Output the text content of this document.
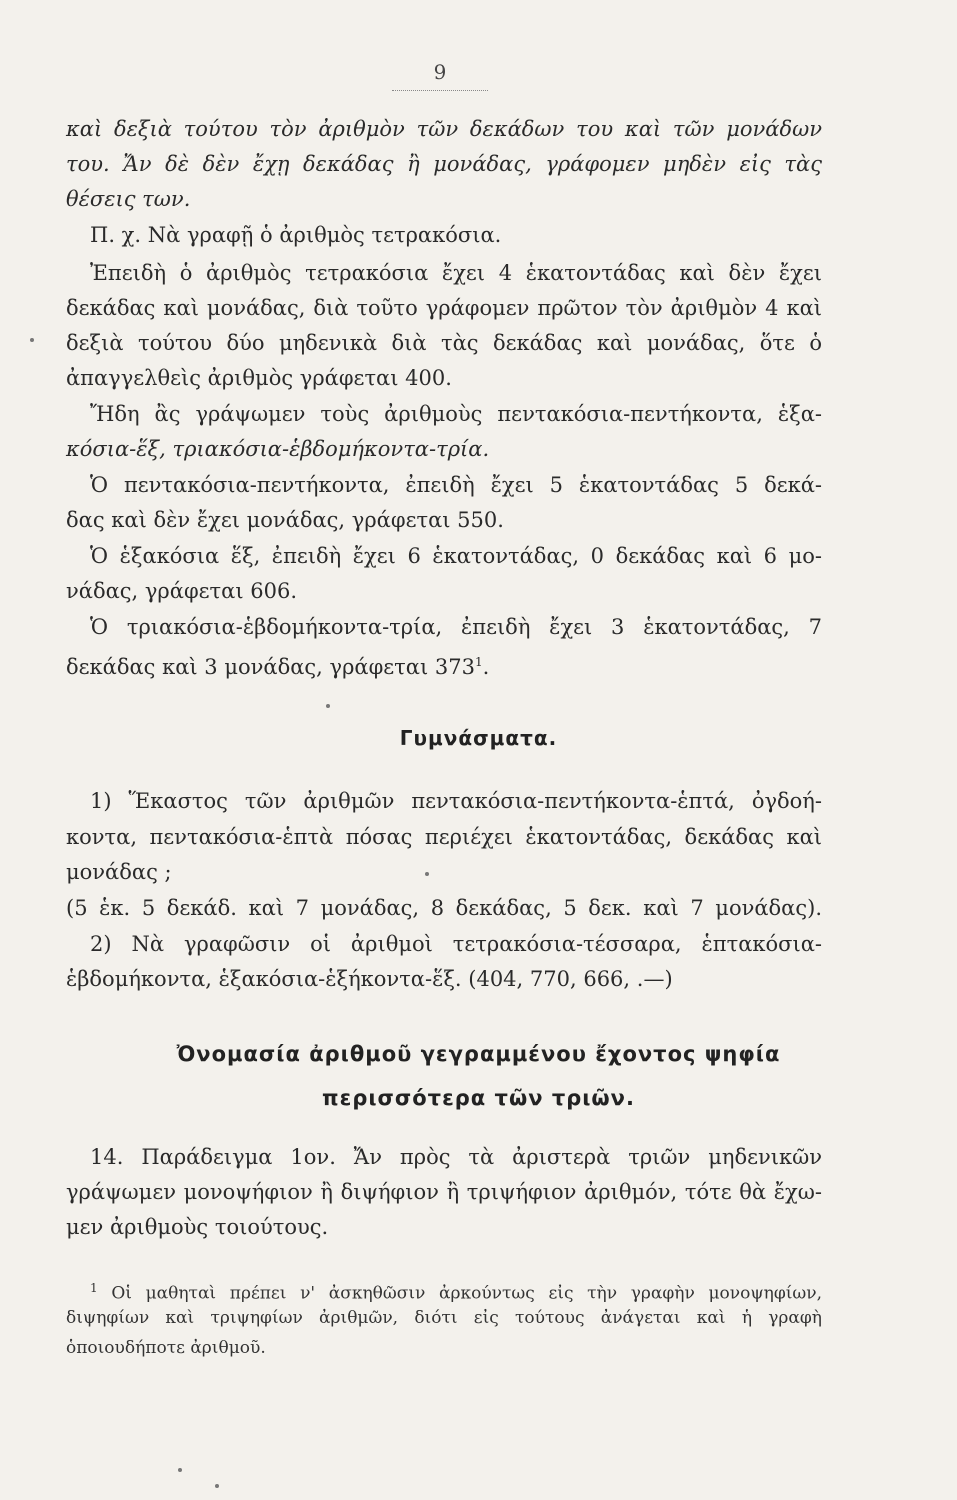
9
καὶ δεξιὰ τούτου τὸν ἀριθμὸν τῶν δεκάδων του καὶ τῶν μονάδων
του. Ἄν δὲ δὲν ἔχῃ δεκάδας ἢ μονάδας, γράφομεν μηδὲν εἰς τὰς
θέσεις των.
Π. χ. Νὰ γραφῇ ὁ ἀριθμὸς τετρακόσια.
Ἐπειδὴ ὁ ἀριθμὸς τετρακόσια ἔχει 4 ἑκατοντάδας καὶ δὲν ἔχει
δεκάδας καὶ μονάδας, διὰ τοῦτο γράφομεν πρῶτον τὸν ἀριθμὸν 4 καὶ
δεξιὰ τούτου δύο μηδενικὰ διὰ τὰς δεκάδας καὶ μονάδας, ὅτε ὁ
ἀπαγγελθεὶς ἀριθμὸς γράφεται 400.
Ἤδη ἂς γράψωμεν τοὺς ἀριθμοὺς πεντακόσια-πεντήκοντα, ἑξα-
κόσια-ἕξ, τριακόσια-ἑβδομήκοντα-τρία.
Ὁ πεντακόσια-πεντήκοντα, ἐπειδὴ ἔχει 5 ἑκατοντάδας 5 δεκά-
δας καὶ δὲν ἔχει μονάδας, γράφεται 550.
Ὁ ἑξακόσια ἕξ, ἐπειδὴ ἔχει 6 ἑκατοντάδας, 0 δεκάδας καὶ 6 μο-
νάδας, γράφεται 606.
Ὁ τριακόσια-ἑβδομήκοντα-τρία, ἐπειδὴ ἔχει 3 ἑκατοντάδας, 7
δεκάδας καὶ 3 μονάδας, γράφεται $373^1$.
Γυμνάσματα.
1) Ἕκαστος τῶν ἀριθμῶν πεντακόσια-πεντήκοντα-ἑπτά, ὀγδοή-
κοντα, πεντακόσια-ἑπτὰ πόσας περιέχει ἑκατοντάδας, δεκάδας καὶ
μονάδας ;
(5 ἑκ. 5 δεκάδ. καὶ 7 μονάδας, 8 δεκάδας, 5 δεκ. καὶ 7 μονάδας).
2) Νὰ γραφῶσιν οἱ ἀριθμοὶ τετρακόσια-τέσσαρα, ἑπτακόσια-
ἑβδομήκοντα, ἑξακόσια-ἑξήκοντα-ἕξ. (404, 770, 666, .—)
Ὀνομασία ἀριθμοῦ γεγραμμένου ἔχοντος ψηφία
περισσότερα τῶν τριῶν.
14. Παράδειγμα 1ον. Ἄν πρὸς τὰ ἀριστερὰ τριῶν μηδενικῶν
γράψωμεν μονοψήφιον ἢ διψήφιον ἢ τριψήφιον ἀριθμόν, τότε θὰ ἔχω-
μεν ἀριθμοὺς τοιούτους.
$^1$ Οἱ μαθηταὶ πρέπει ν' ἀσκηθῶσιν ἀρκούντως εἰς τὴν γραφὴν μονοψηφίων,
διψηφίων καὶ τριψηφίων ἀριθμῶν, διότι εἰς τούτους ἀνάγεται καὶ ἡ γραφὴ
ὁποιουδήποτε ἀριθμοῦ.
